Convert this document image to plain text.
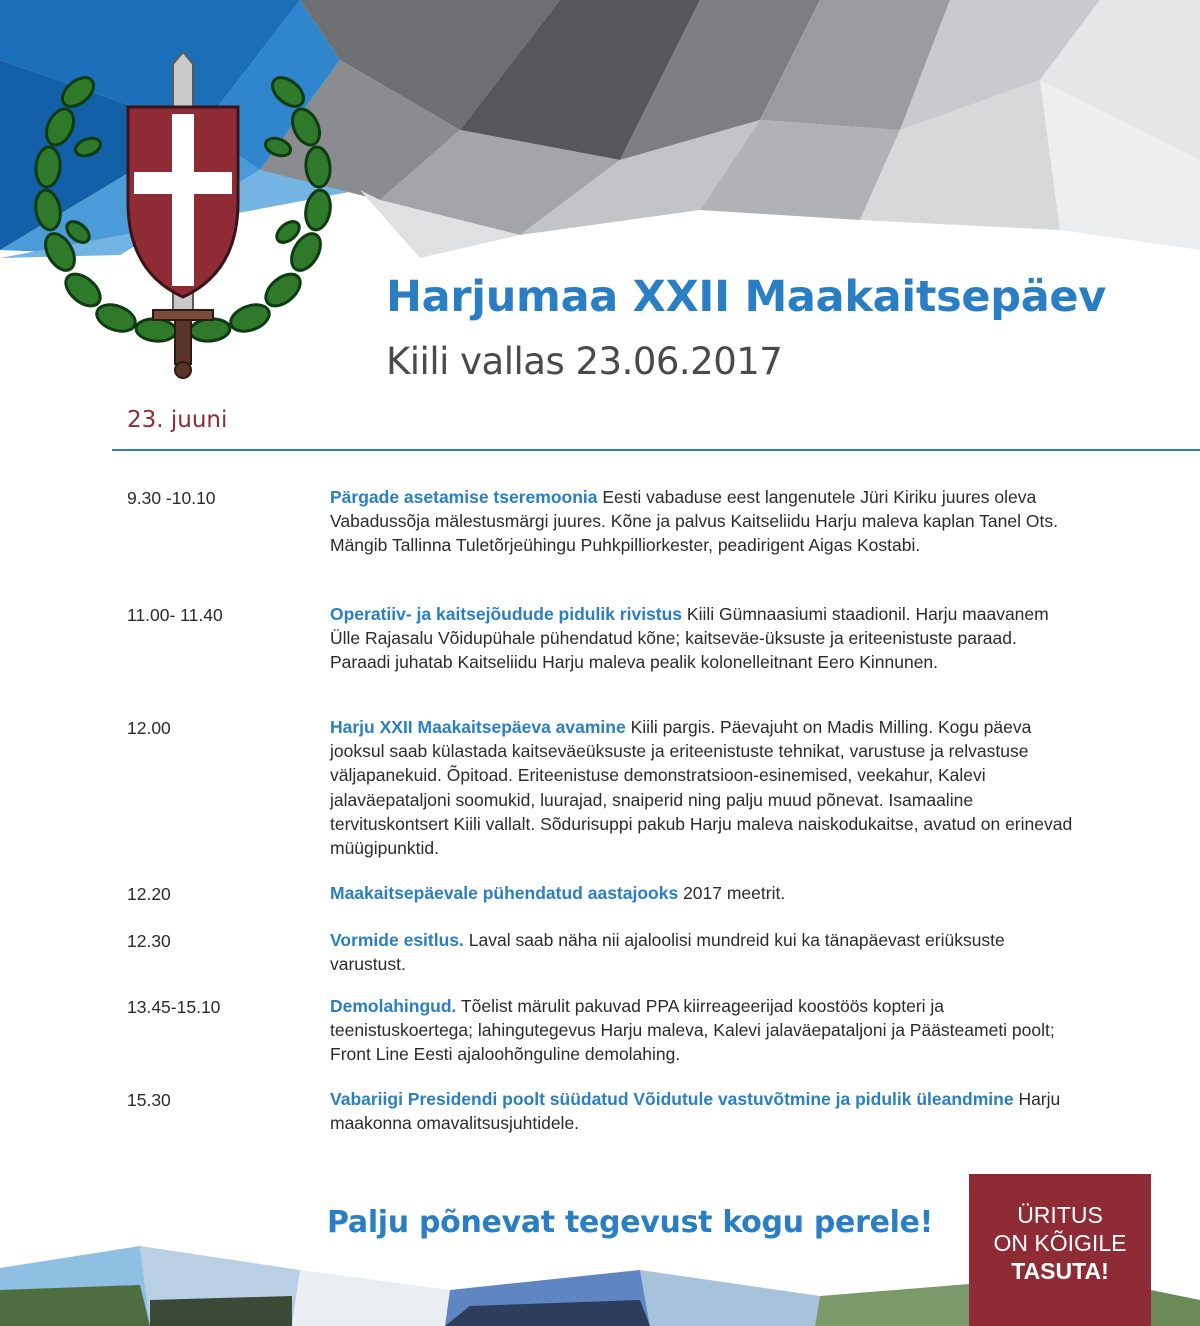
Harjumaa XXII Maakaitsepäev
Kiili vallas 23.06.2017
23. juuni
9.30 -10.10	Pärgade asetamise tseremoonia Eesti vabaduse eest langenutele Jüri Kiriku juures oleva Vabadussõja mälestusmärgi juures. Kõne ja palvus Kaitseliidu Harju maleva kaplan Tanel Ots. Mängib Tallinna Tuletõrjeühingu Puhkpilliorkester, peadirigent Aigas Kostabi.
11.00- 11.40	Operatiiv- ja kaitsejõudude pidulik rivistus Kiili Gümnaasiumi staadionil. Harju maavanem Ülle Rajasalu Võidupühale pühendatud kõne; kaitseväe-üksuste ja eriteenistuste paraad. Paraadi juhatab Kaitseliidu Harju maleva pealik kolonelleitnant Eero Kinnunen.
12.00	Harju XXII Maakaitsepäeva avamine Kiili pargis. Päevajuht on Madis Milling. Kogu päeva jooksul saab külastada kaitseväeüksuste ja eriteenistuste tehnikat, varustuse ja relvastuse väljapanekuid. Õpitoad. Eriteenistuse demonstratsioon-esinemised, veekahur, Kalevi jalaväepataljoni soomukid, luurajad, snaiperid ning palju muud põnevat. Isamaaline tervituskontsert Kiili vallalt. Sõdurisuppi pakub Harju maleva naiskodukaitse, avatud on erinevad müügipunktid.
12.20	Maakaitsepäevale pühendatud aastajooks 2017 meetrit.
12.30	Vormide esitlus. Laval saab näha nii ajaloolisi mundreid kui ka tänapäevast eriüksuste varustust.
13.45-15.10	Demolahingud. Tõelist märulit pakuvad PPA kiirreageerijad koostöös kopteri ja teenistuskoertega; lahingutegevus Harju maleva, Kalevi jalaväepataljoni ja Päästeameti poolt; Front Line Eesti ajaloohõnguline demolahing.
15.30	Vabariigi Presidendi poolt süüdatud Võidutule vastuvõtmine ja pidulik üleandmine Harju maakonna omavalitsusjuhtidele.
Palju põnevat tegevust kogu perele!	ÜRITUS
ON KÕIGILE
TASUTA!
